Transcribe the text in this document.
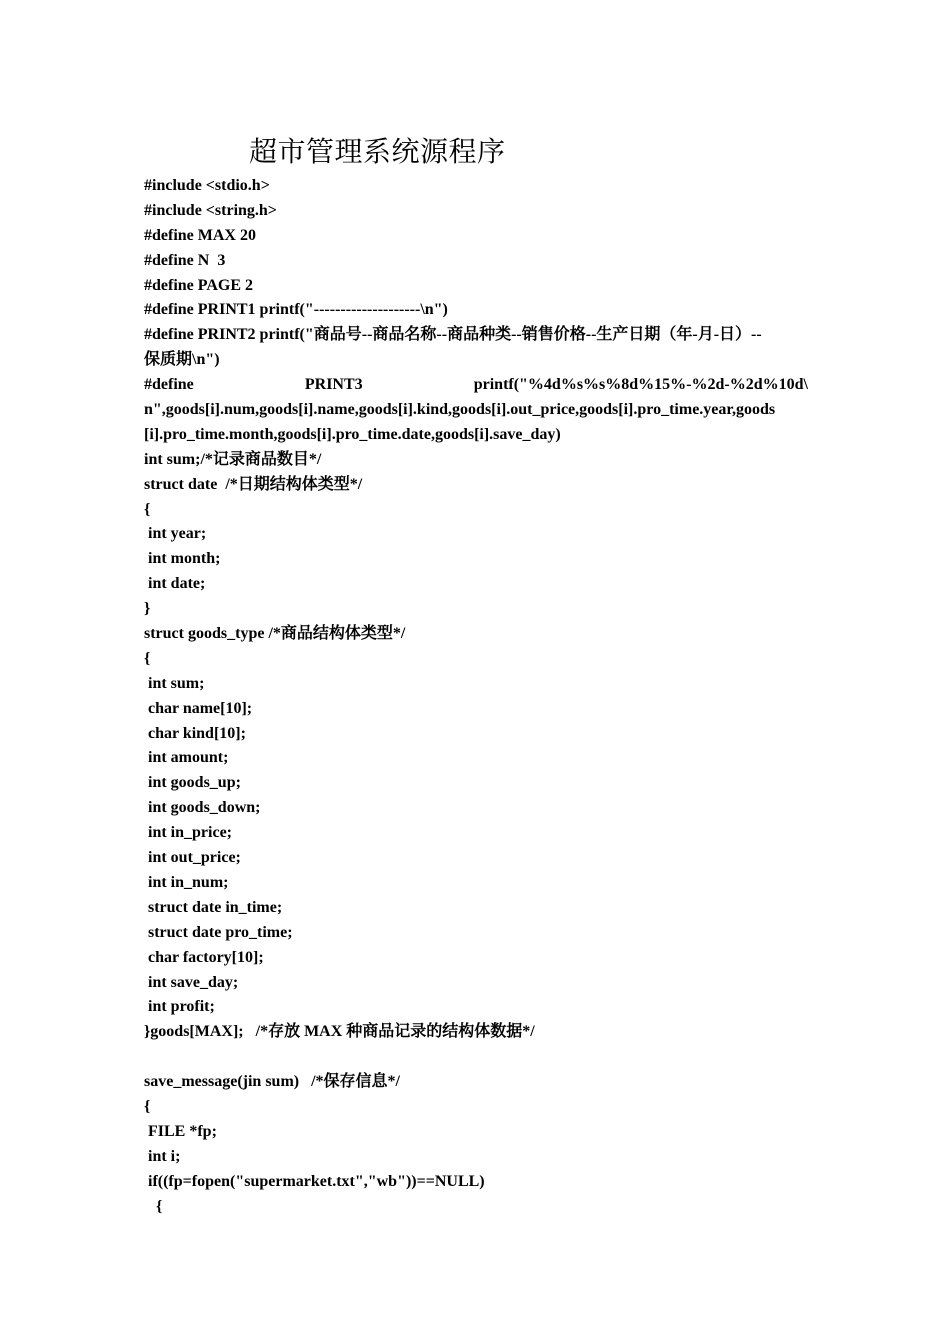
超市管理系统源程序
#include <stdio.h>
#include <string.h>
#define MAX 20
#define N  3
#define PAGE 2
#define PRINT1 printf("--------------------\n")
#define PRINT2 printf("商品号--商品名称--商品种类--销售价格--生产日期（年-月-日）--
保质期\n")
#define	PRINT3	printf("%4d%s%s%8d%15%-%2d-%2d%10d\
n",goods[i].num,goods[i].name,goods[i].kind,goods[i].out_price,goods[i].pro_time.year,goods
[i].pro_time.month,goods[i].pro_time.date,goods[i].save_day)
int sum;/*记录商品数目*/
struct date  /*日期结构体类型*/
{
int year;
int month;
int date;
}
struct goods_type /*商品结构体类型*/
{
int sum;
char name[10];
char kind[10];
int amount;
int goods_up;
int goods_down;
int in_price;
int out_price;
int in_num;
struct date in_time;
struct date pro_time;
char factory[10];
int save_day;
int profit;
}goods[MAX];   /*存放 MAX 种商品记录的结构体数据*/
save_message(jin sum)   /*保存信息*/
{
FILE *fp;
int i;
if((fp=fopen("supermarket.txt","wb"))==NULL)
{
